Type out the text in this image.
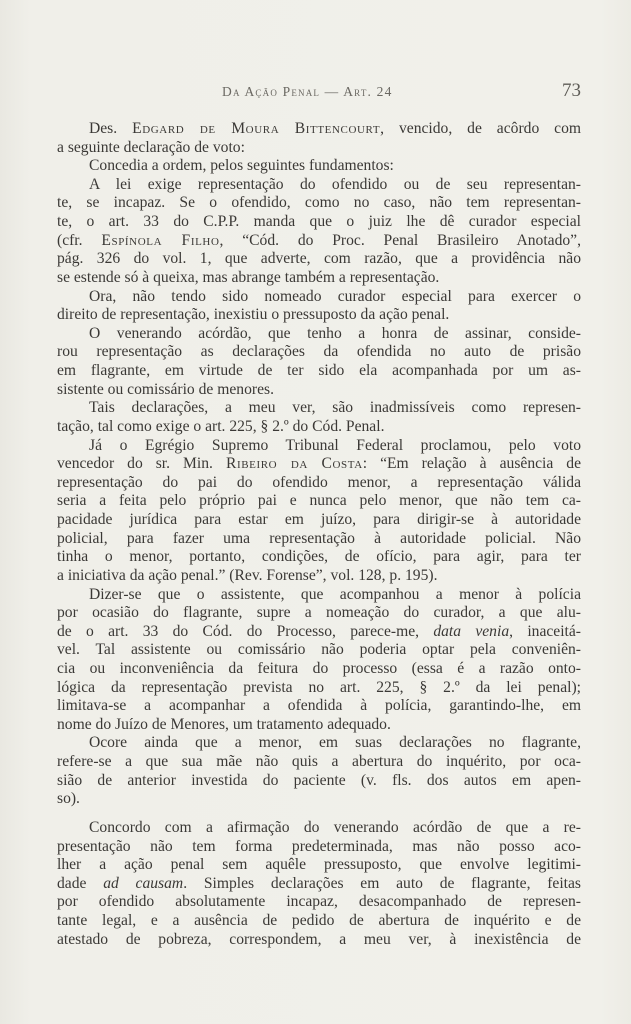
Da Ação Penal — Art. 24	73
Des. Edgard de Moura Bittencourt, vencido, de acôrdo com
a seguinte declaração de voto:
Concedia a ordem, pelos seguintes fundamentos:
A lei exige representação do ofendido ou de seu representan-
te, se incapaz. Se o ofendido, como no caso, não tem representan-
te, o art. 33 do C.P.P. manda que o juiz lhe dê curador especial
(cfr. Espínola Filho, “Cód. do Proc. Penal Brasileiro Anotado”,
pág. 326 do vol. 1, que adverte, com razão, que a providência não
se estende só à queixa, mas abrange também a representação.
Ora, não tendo sido nomeado curador especial para exercer o
direito de representação, inexistiu o pressuposto da ação penal.
O venerando acórdão, que tenho a honra de assinar, conside-
rou representação as declarações da ofendida no auto de prisão
em flagrante, em virtude de ter sido ela acompanhada por um as-
sistente ou comissário de menores.
Tais declarações, a meu ver, são inadmissíveis como represen-
tação, tal como exige o art. 225, § 2.º do Cód. Penal.
Já o Egrégio Supremo Tribunal Federal proclamou, pelo voto
vencedor do sr. Min. Ribeiro da Costa: “Em relação à ausência de
representação do pai do ofendido menor, a representação válida
seria a feita pelo próprio pai e nunca pelo menor, que não tem ca-
pacidade jurídica para estar em juízo, para dirigir-se à autoridade
policial, para fazer uma representação à autoridade policial. Não
tinha o menor, portanto, condições, de ofício, para agir, para ter
a iniciativa da ação penal.” (Rev. Forense”, vol. 128, p. 195).
Dizer-se que o assistente, que acompanhou a menor à polícia
por ocasião do flagrante, supre a nomeação do curador, a que alu-
de o art. 33 do Cód. do Processo, parece-me, data venia, inaceitá-
vel. Tal assistente ou comissário não poderia optar pela conveniên-
cia ou inconveniência da feitura do processo (essa é a razão onto-
lógica da representação prevista no art. 225, § 2.º da lei penal);
limitava-se a acompanhar a ofendida à polícia, garantindo-lhe, em
nome do Juízo de Menores, um tratamento adequado.
Ocore ainda que a menor, em suas declarações no flagrante,
refere-se a que sua mãe não quis a abertura do inquérito, por oca-
sião de anterior investida do paciente (v. fls. dos autos em apen-
so).
Concordo com a afirmação do venerando acórdão de que a re-
presentação não tem forma predeterminada, mas não posso aco-
lher a ação penal sem aquêle pressuposto, que envolve legitimi-
dade ad causam. Simples declarações em auto de flagrante, feitas
por ofendido absolutamente incapaz, desacompanhado de represen-
tante legal, e a ausência de pedido de abertura de inquérito e de
atestado de pobreza, correspondem, a meu ver, à inexistência de
